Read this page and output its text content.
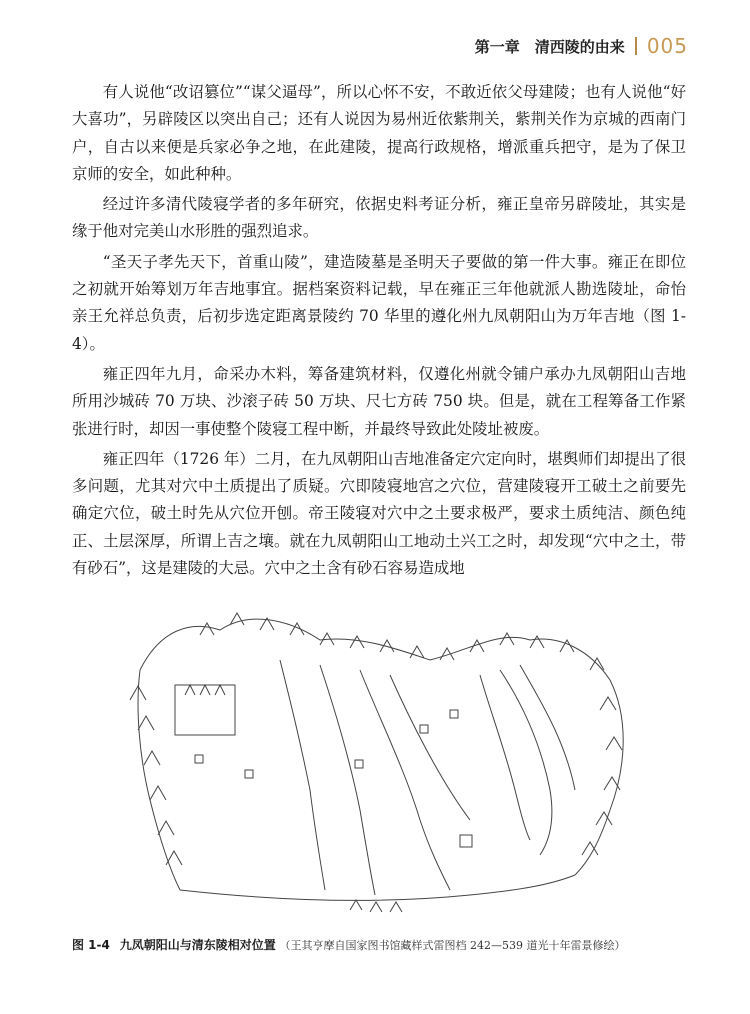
第一章　清西陵的由来 005

有人说他“改诏篡位”“谋父逼母”，所以心怀不安，不敢近依父母建陵；也有人说他“好大喜功”，另辟陵区以突出自己；还有人说因为易州近依紫荆关，紫荆关作为京城的西南门户，自古以来便是兵家必争之地，在此建陵，提高行政规格，增派重兵把守，是为了保卫京师的安全，如此种种。

经过许多清代陵寝学者的多年研究，依据史料考证分析，雍正皇帝另辟陵址，其实是缘于他对完美山水形胜的强烈追求。

“圣天子孝先天下，首重山陵”，建造陵墓是圣明天子要做的第一件大事。雍正在即位之初就开始筹划万年吉地事宜。据档案资料记载，早在雍正三年他就派人勘选陵址，命怡亲王允祥总负责，后初步选定距离景陵约 70 华里的遵化州九凤朝阳山为万年吉地（图 1-4）。

雍正四年九月，命采办木料，筹备建筑材料，仅遵化州就令铺户承办九凤朝阳山吉地所用沙城砖 70 万块、沙滚子砖 50 万块、尺七方砖 750 块。但是，就在工程筹备工作紧张进行时，却因一事使整个陵寝工程中断，并最终导致此处陵址被废。

雍正四年（1726 年）二月，在九凤朝阳山吉地准备定穴定向时，堪舆师们却提出了很多问题，尤其对穴中土质提出了质疑。穴即陵寝地宫之穴位，营建陵寝开工破土之前要先确定穴位，破土时先从穴位开刨。帝王陵寝对穴中之土要求极严，要求土质纯洁、颜色纯正、土层深厚，所谓上吉之壤。就在九凤朝阳山工地动土兴工之时，却发现“穴中之土，带有砂石”，这是建陵的大忌。穴中之土含有砂石容易造成地

图 1-4 九凤朝阳山与清东陵相对位置 （王其亨摩自国家图书馆藏样式雷图档 242—539 道光十年雷景修绘）
